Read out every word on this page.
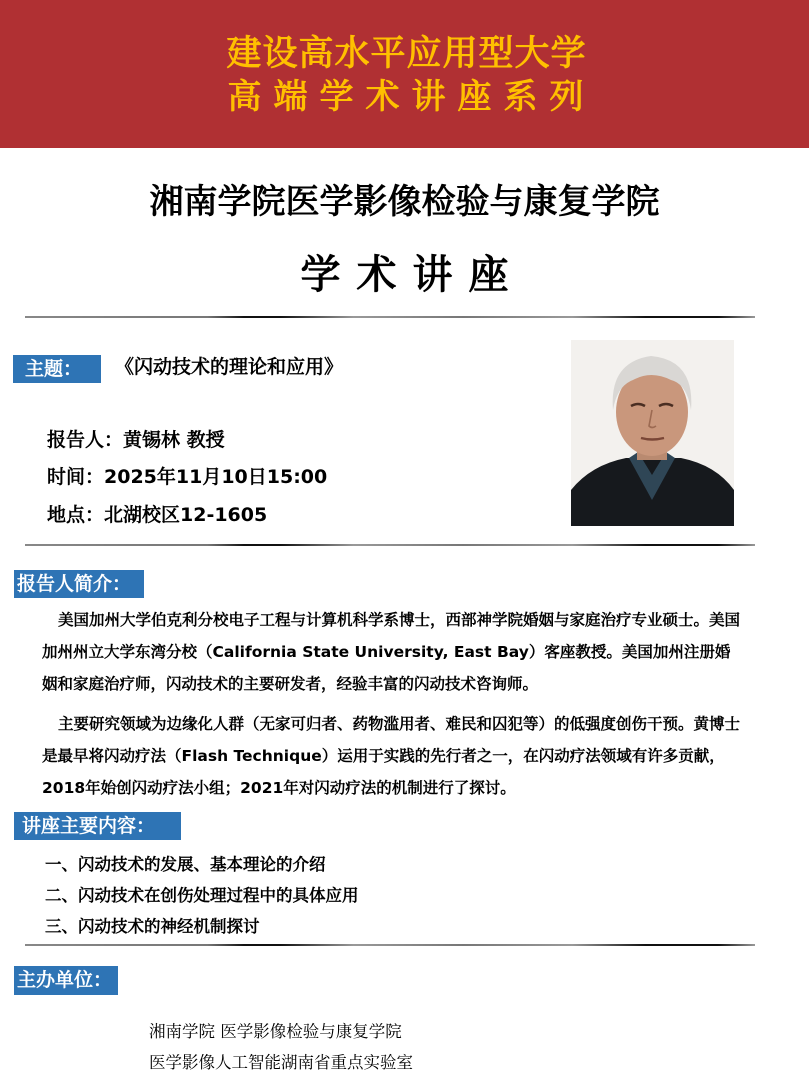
建设高水平应用型大学
高端学术讲座系列
湘南学院医学影像检验与康复学院
学术讲座
主题：	《闪动技术的理论和应用》
报告人：黄锡林 教授
时间：2025年11月10日15:00
地点：北湖校区12-1605
报告人简介：
美国加州大学伯克利分校电子工程与计算机科学系博士，西部神学院婚姻与家庭治疗专业硕士。美国加州州立大学东湾分校（California State University, East Bay）客座教授。美国加州注册婚姻和家庭治疗师，闪动技术的主要研发者，经验丰富的闪动技术咨询师。
主要研究领域为边缘化人群（无家可归者、药物滥用者、难民和囚犯等）的低强度创伤干预。黄博士是最早将闪动疗法（Flash Technique）运用于实践的先行者之一，在闪动疗法领域有许多贡献，2018年始创闪动疗法小组；2021年对闪动疗法的机制进行了探讨。
讲座主要内容：
一、闪动技术的发展、基本理论的介绍
二、闪动技术在创伤处理过程中的具体应用
三、闪动技术的神经机制探讨
主办单位：
湘南学院 医学影像检验与康复学院
医学影像人工智能湖南省重点实验室
